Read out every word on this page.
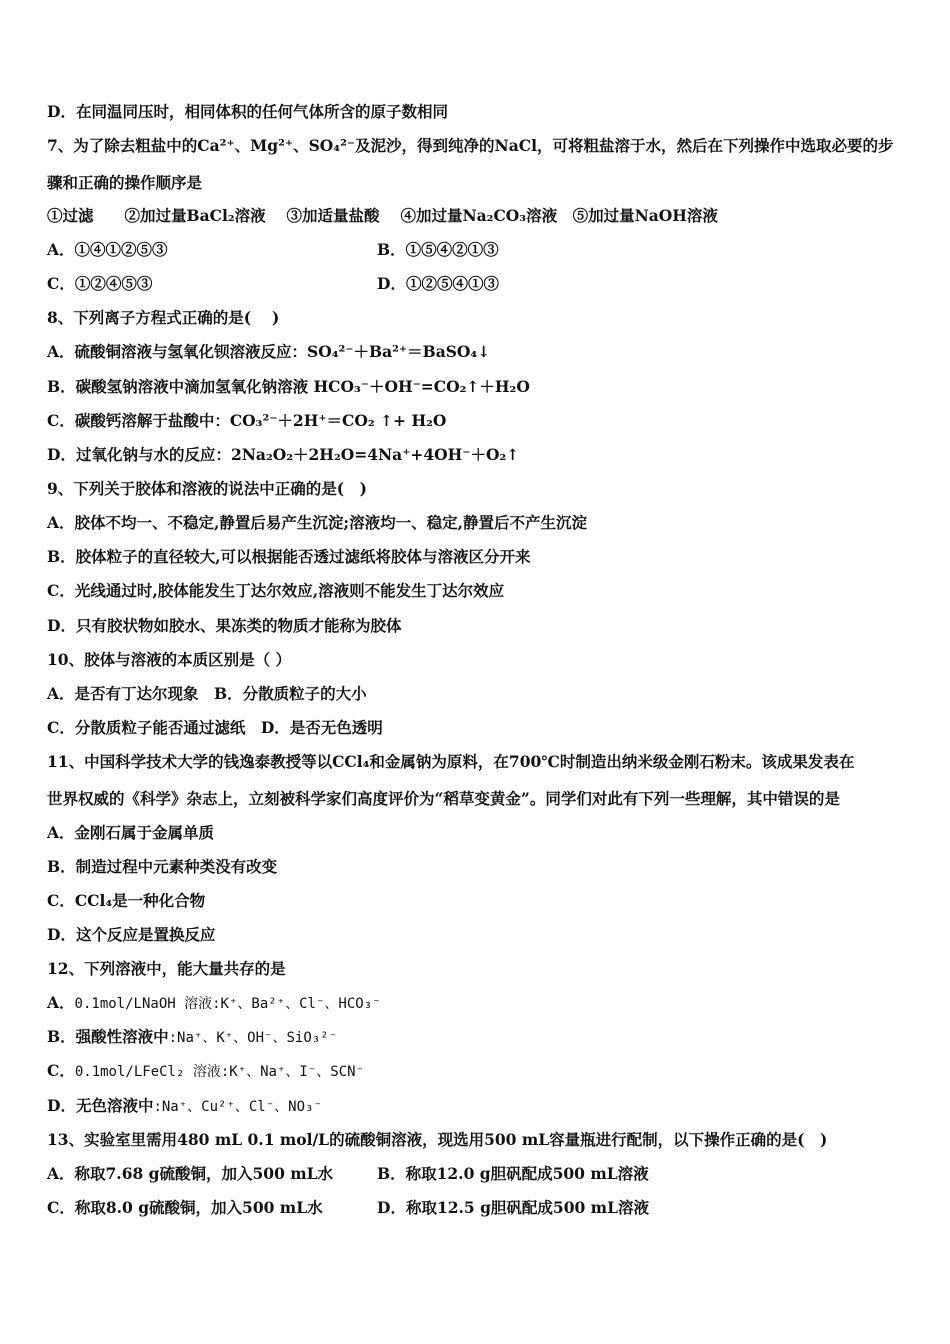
D．在同温同压时，相同体积的任何气体所含的原子数相同
7、为了除去粗盐中的Ca²⁺、Mg²⁺、SO₄²⁻及泥沙，得到纯净的NaCl，可将粗盐溶于水，然后在下列操作中选取必要的步
骤和正确的操作顺序是
①过滤　　②加过量BaCl₂溶液　 ③加适量盐酸　 ④加过量Na₂CO₃溶液　⑤加过量NaOH溶液
A．①④①②⑤③	B．①⑤④②①③
C．①②④⑤③	D．①②⑤④①③
8、下列离子方程式正确的是(　 )
A．硫酸铜溶液与氢氧化钡溶液反应：SO₄²⁻＋Ba²⁺＝BaSO₄↓
B．碳酸氢钠溶液中滴加氢氧化钠溶液 HCO₃⁻＋OH⁻=CO₂↑＋H₂O
C．碳酸钙溶解于盐酸中：CO₃²⁻＋2H⁺＝CO₂ ↑+ H₂O
D．过氧化钠与水的反应：2Na₂O₂＋2H₂O=4Na⁺+4OH⁻＋O₂↑
9、下列关于胶体和溶液的说法中正确的是(　)
A．胶体不均一、不稳定,静置后易产生沉淀;溶液均一、稳定,静置后不产生沉淀
B．胶体粒子的直径较大,可以根据能否透过滤纸将胶体与溶液区分开来
C．光线通过时,胶体能发生丁达尔效应,溶液则不能发生丁达尔效应
D．只有胶状物如胶水、果冻类的物质才能称为胶体
10、胶体与溶液的本质区别是（ ）
A．是否有丁达尔现象　B．分散质粒子的大小
C．分散质粒子能否通过滤纸　D．是否无色透明
11、中国科学技术大学的钱逸泰教授等以CCl₄和金属钠为原料，在700℃时制造出纳米级金刚石粉末。该成果发表在
世界权威的《科学》杂志上，立刻被科学家们高度评价为“稻草变黄金”。同学们对此有下列一些理解，其中错误的是
A．金刚石属于金属单质
B．制造过程中元素种类没有改变
C．CCl₄是一种化合物
D．这个反应是置换反应
12、下列溶液中，能大量共存的是
A．0.1mol/LNaOH 溶液:K⁺、Ba²⁺、Cl⁻、HCO₃⁻
B．强酸性溶液中:Na⁺、K⁺、OH⁻、SiO₃²⁻
C．0.1mol/LFeCl₂ 溶液:K⁺、Na⁺、I⁻、SCN⁻
D．无色溶液中:Na⁺、Cu²⁺、Cl⁻、NO₃⁻
13、实验室里需用480 mL 0.1 mol/L的硫酸铜溶液，现选用500 mL容量瓶进行配制，以下操作正确的是(　)
A．称取7.68 g硫酸铜，加入500 mL水	B．称取12.0 g胆矾配成500 mL溶液
C．称取8.0 g硫酸铜，加入500 mL水	D．称取12.5 g胆矾配成500 mL溶液
